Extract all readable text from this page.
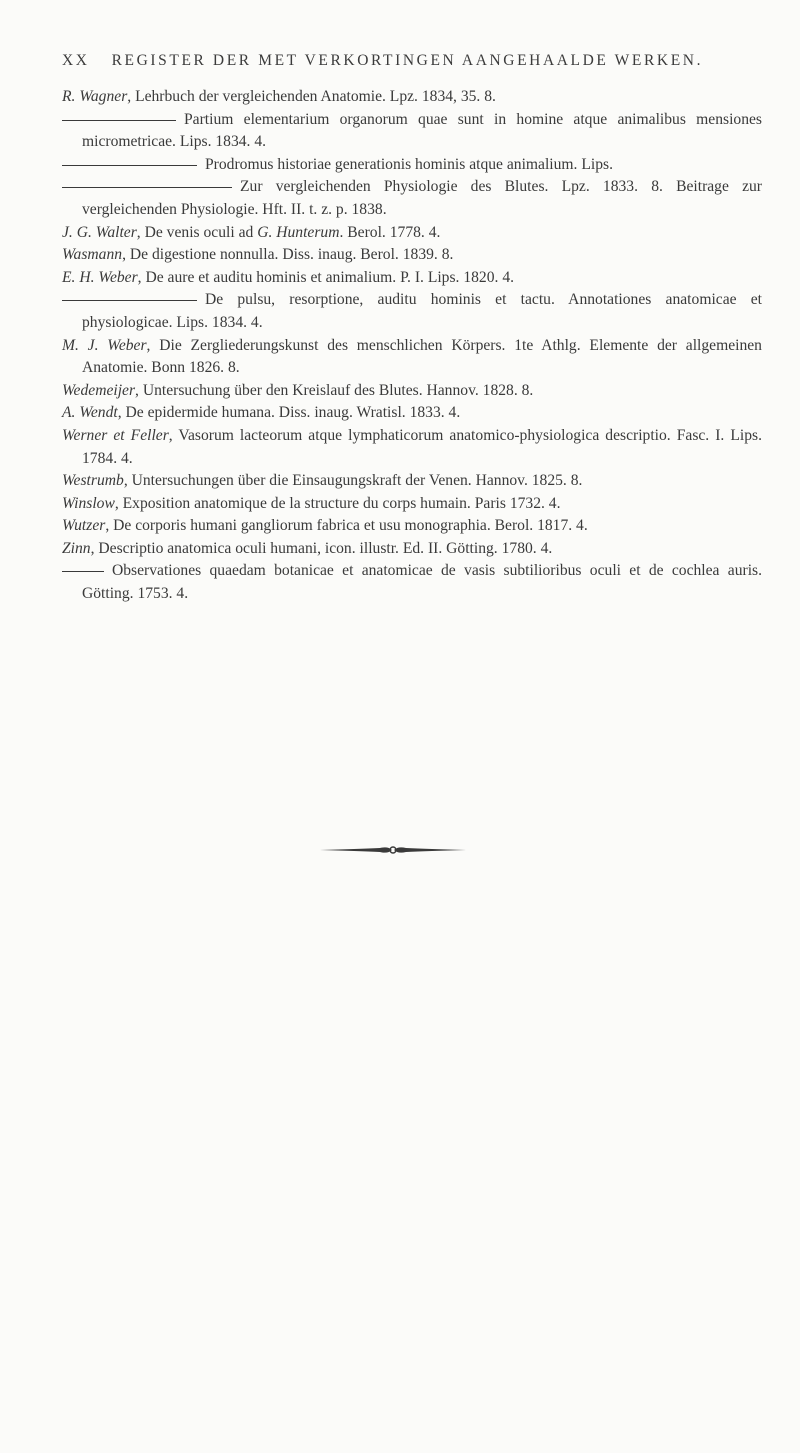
XX REGISTER DER MET VERKORTINGEN AANGEHAALDE WERKEN.

R. Wagner, Lehrbuch der vergleichenden Anatomie. Lpz. 1834, 35. 8.

Partium elementarium organorum quae sunt in homine atque animalibus mensiones micrometricae. Lips. 1834. 4.

Prodromus historiae generationis hominis atque animalium. Lips.

Zur vergleichenden Physiologie des Blutes. Lpz. 1833. 8. Beitrage zur vergleichenden Physiologie. Hft. II. t. z. p. 1838.

J. G. Walter, De venis oculi ad G. Hunterum. Berol. 1778. 4.

Wasmann, De digestione nonnulla. Diss. inaug. Berol. 1839. 8.

E. H. Weber, De aure et auditu hominis et animalium. P. I. Lips. 1820. 4.

De pulsu, resorptione, auditu hominis et tactu. Annotationes anatomicae et physiologicae. Lips. 1834. 4.

M. J. Weber, Die Zergliederungskunst des menschlichen Körpers. 1te Athlg. Elemente der allgemeinen Anatomie. Bonn 1826. 8.

Wedemeijer, Untersuchung über den Kreislauf des Blutes. Hannov. 1828. 8.

A. Wendt, De epidermide humana. Diss. inaug. Wratisl. 1833. 4.

Werner et Feller, Vasorum lacteorum atque lymphaticorum anatomico-physiologica descriptio. Fasc. I. Lips. 1784. 4.

Westrumb, Untersuchungen über die Einsaugungskraft der Venen. Hannov. 1825. 8.

Winslow, Exposition anatomique de la structure du corps humain. Paris 1732. 4.

Wutzer, De corporis humani gangliorum fabrica et usu monographia. Berol. 1817. 4.

Zinn, Descriptio anatomica oculi humani, icon. illustr. Ed. II. Götting. 1780. 4.

Observationes quaedam botanicae et anatomicae de vasis subtilioribus oculi et de cochlea auris. Götting. 1753. 4.
